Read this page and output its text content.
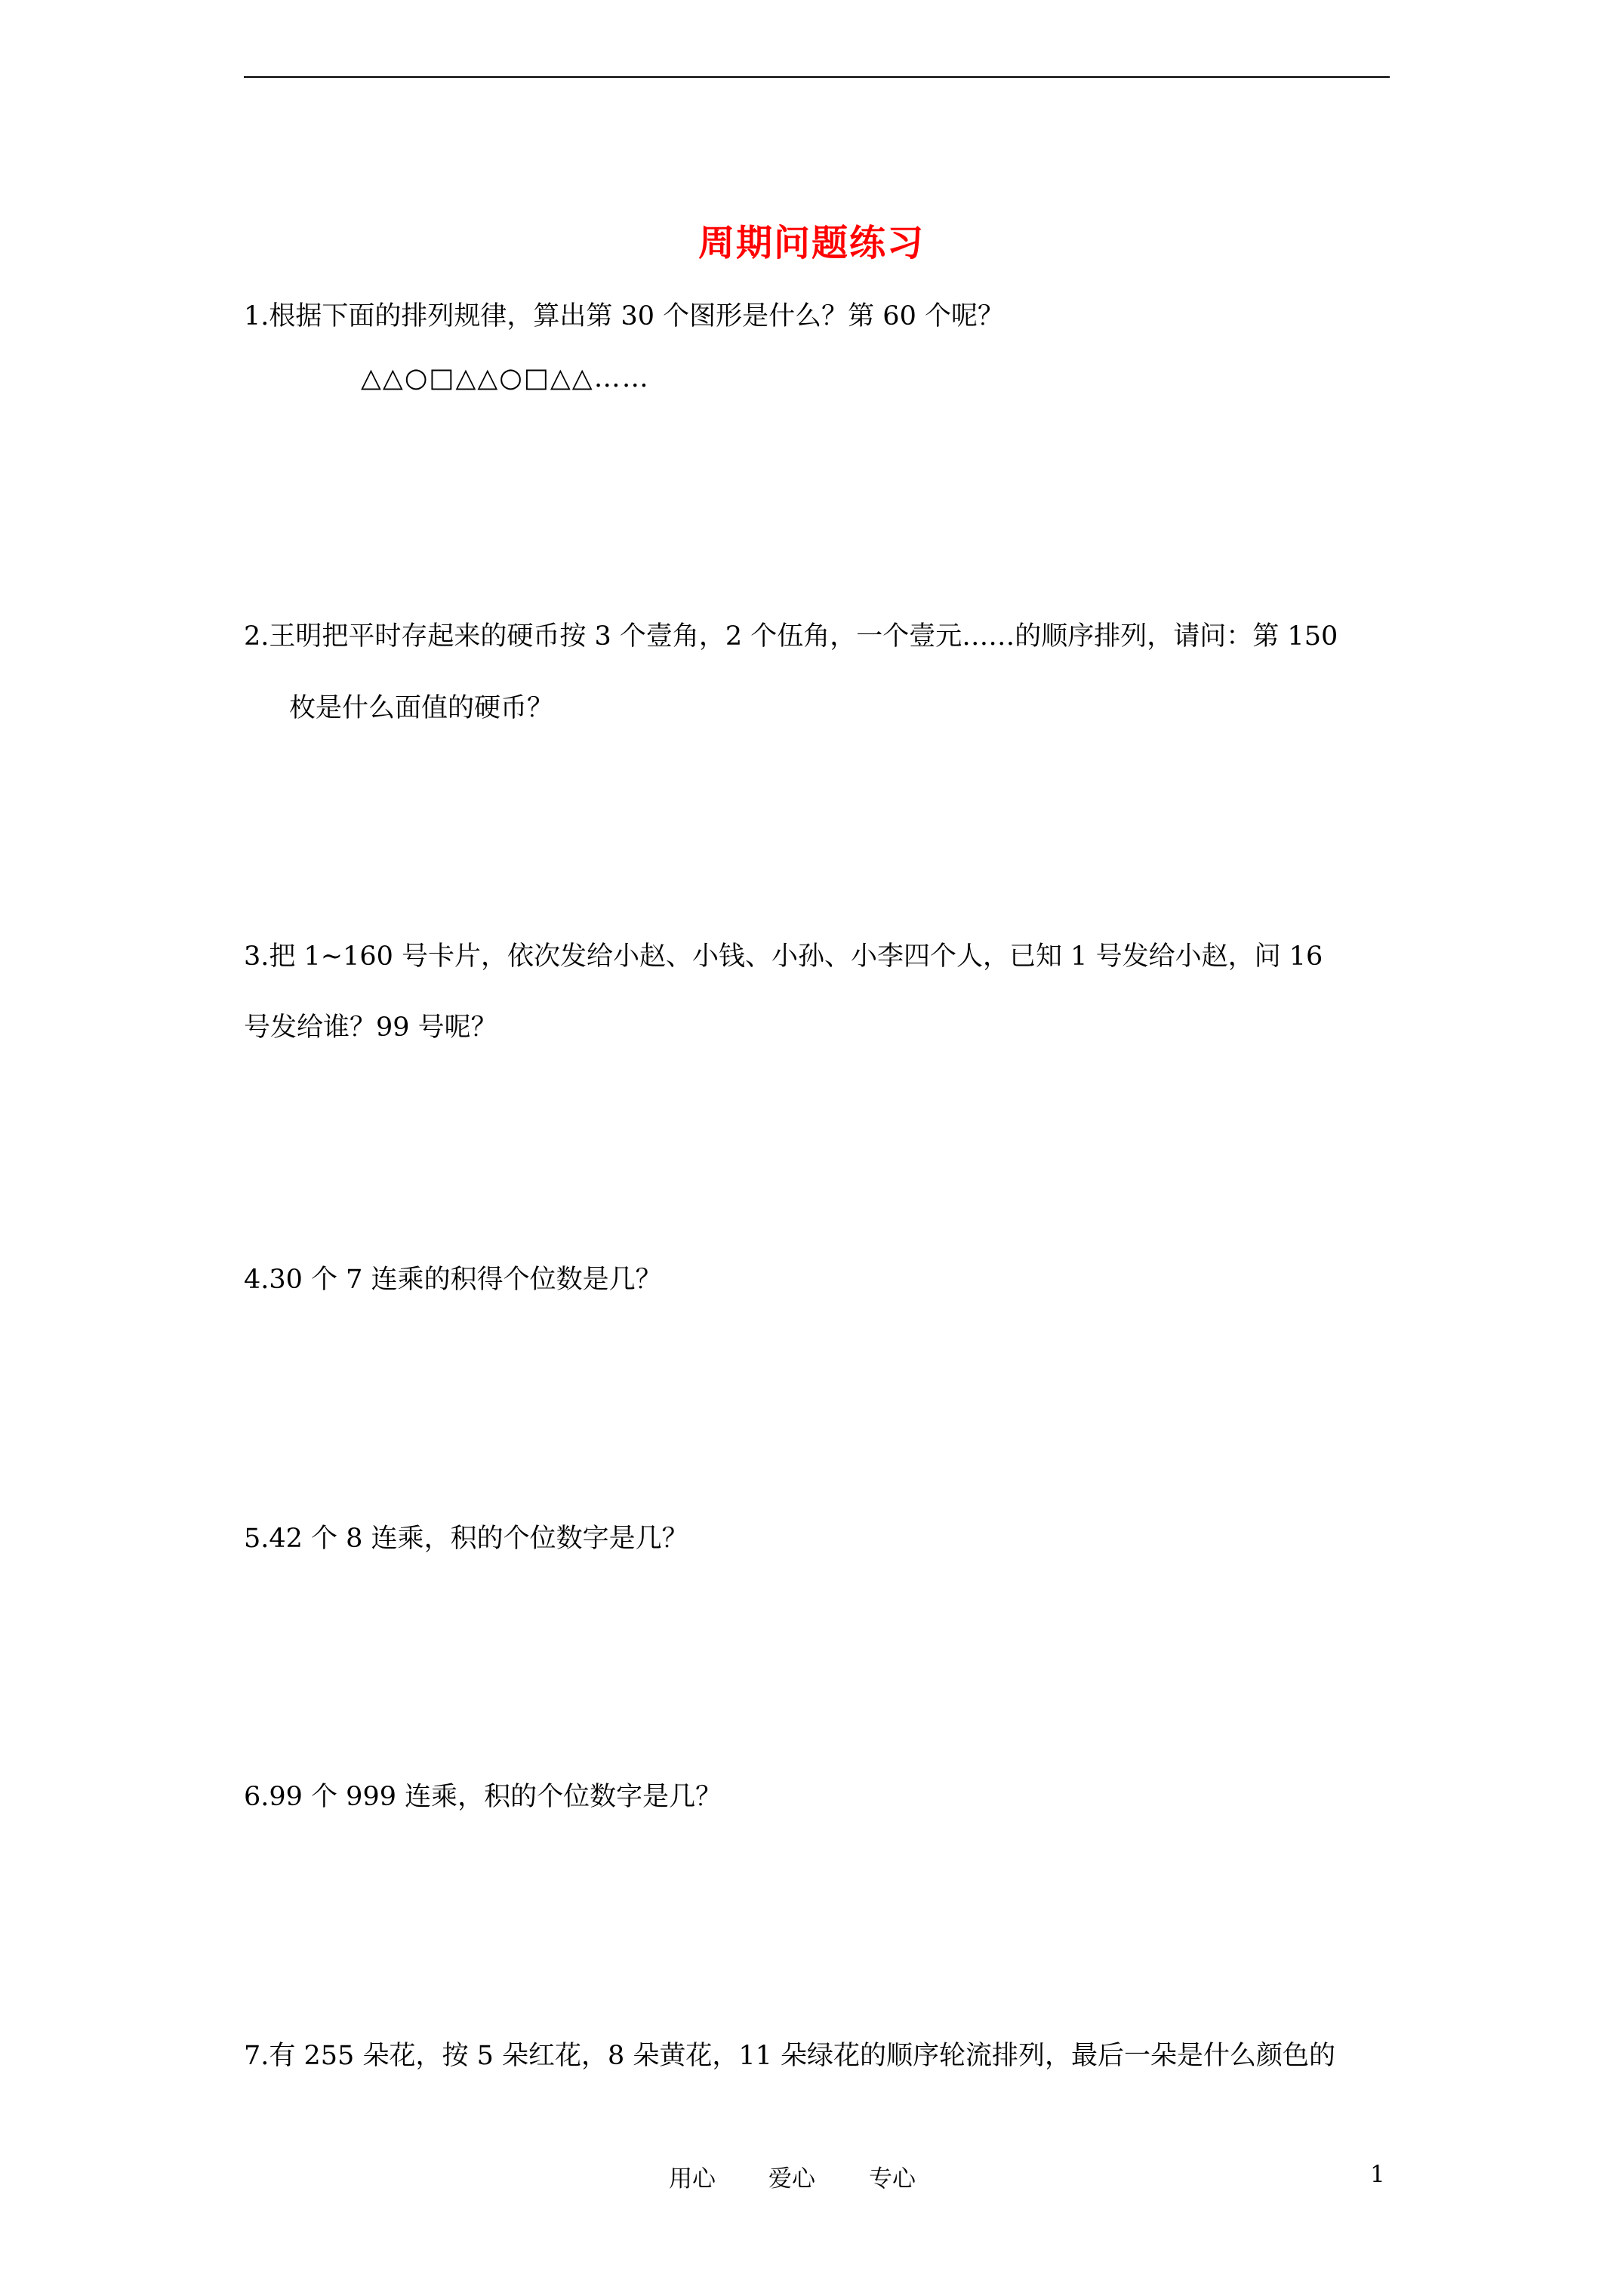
周期问题练习
1.根据下面的排列规律，算出第 30 个图形是什么？第 60 个呢？
△△○□△△○□△△……
2.王明把平时存起来的硬币按 3 个壹角，2 个伍角，一个壹元……的顺序排列，请问：第 150
枚是什么面值的硬币？
3.把 1~160 号卡片，依次发给小赵、小钱、小孙、小李四个人，已知 1 号发给小赵，问 16
号发给谁？99 号呢？
4.30 个 7 连乘的积得个位数是几？
5.42 个 8 连乘，积的个位数字是几？
6.99 个 999 连乘，积的个位数字是几？
7.有 255 朵花，按 5 朵红花，8 朵黄花，11 朵绿花的顺序轮流排列，最后一朵是什么颜色的
用心 爱心 专心	1
